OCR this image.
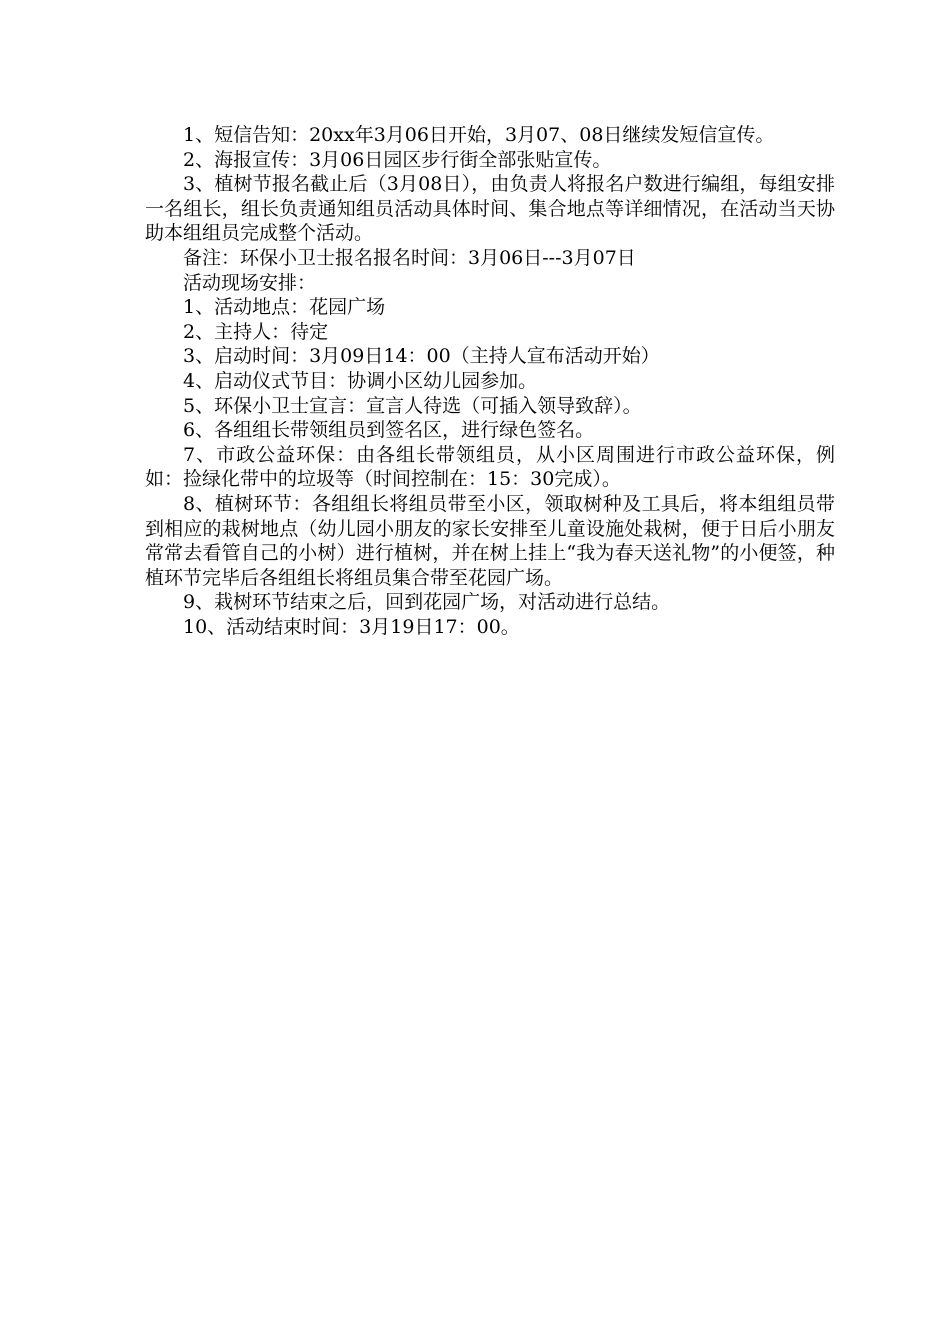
1、短信告知：20xx年3月06日开始，3月07、08日继续发短信宣传。

2、海报宣传：3月06日园区步行街全部张贴宣传。

3、植树节报名截止后（3月08日），由负责人将报名户数进行编组，每组安排一名组长，组长负责通知组员活动具体时间、集合地点等详细情况，在活动当天协助本组组员完成整个活动。

备注：环保小卫士报名报名时间：3月06日---3月07日

活动现场安排：

1、活动地点：花园广场

2、主持人：待定

3、启动时间：3月09日14：00（主持人宣布活动开始）

4、启动仪式节目：协调小区幼儿园参加。

5、环保小卫士宣言：宣言人待选（可插入领导致辞）。

6、各组组长带领组员到签名区，进行绿色签名。

7、市政公益环保：由各组长带领组员，从小区周围进行市政公益环保，例如：捡绿化带中的垃圾等（时间控制在：15：30完成）。

8、植树环节：各组组长将组员带至小区，领取树种及工具后，将本组组员带到相应的栽树地点（幼儿园小朋友的家长安排至儿童设施处栽树，便于日后小朋友常常去看管自己的小树）进行植树，并在树上挂上“我为春天送礼物”的小便签，种植环节完毕后各组组长将组员集合带至花园广场。

9、栽树环节结束之后，回到花园广场，对活动进行总结。

10、活动结束时间：3月19日17：00。
